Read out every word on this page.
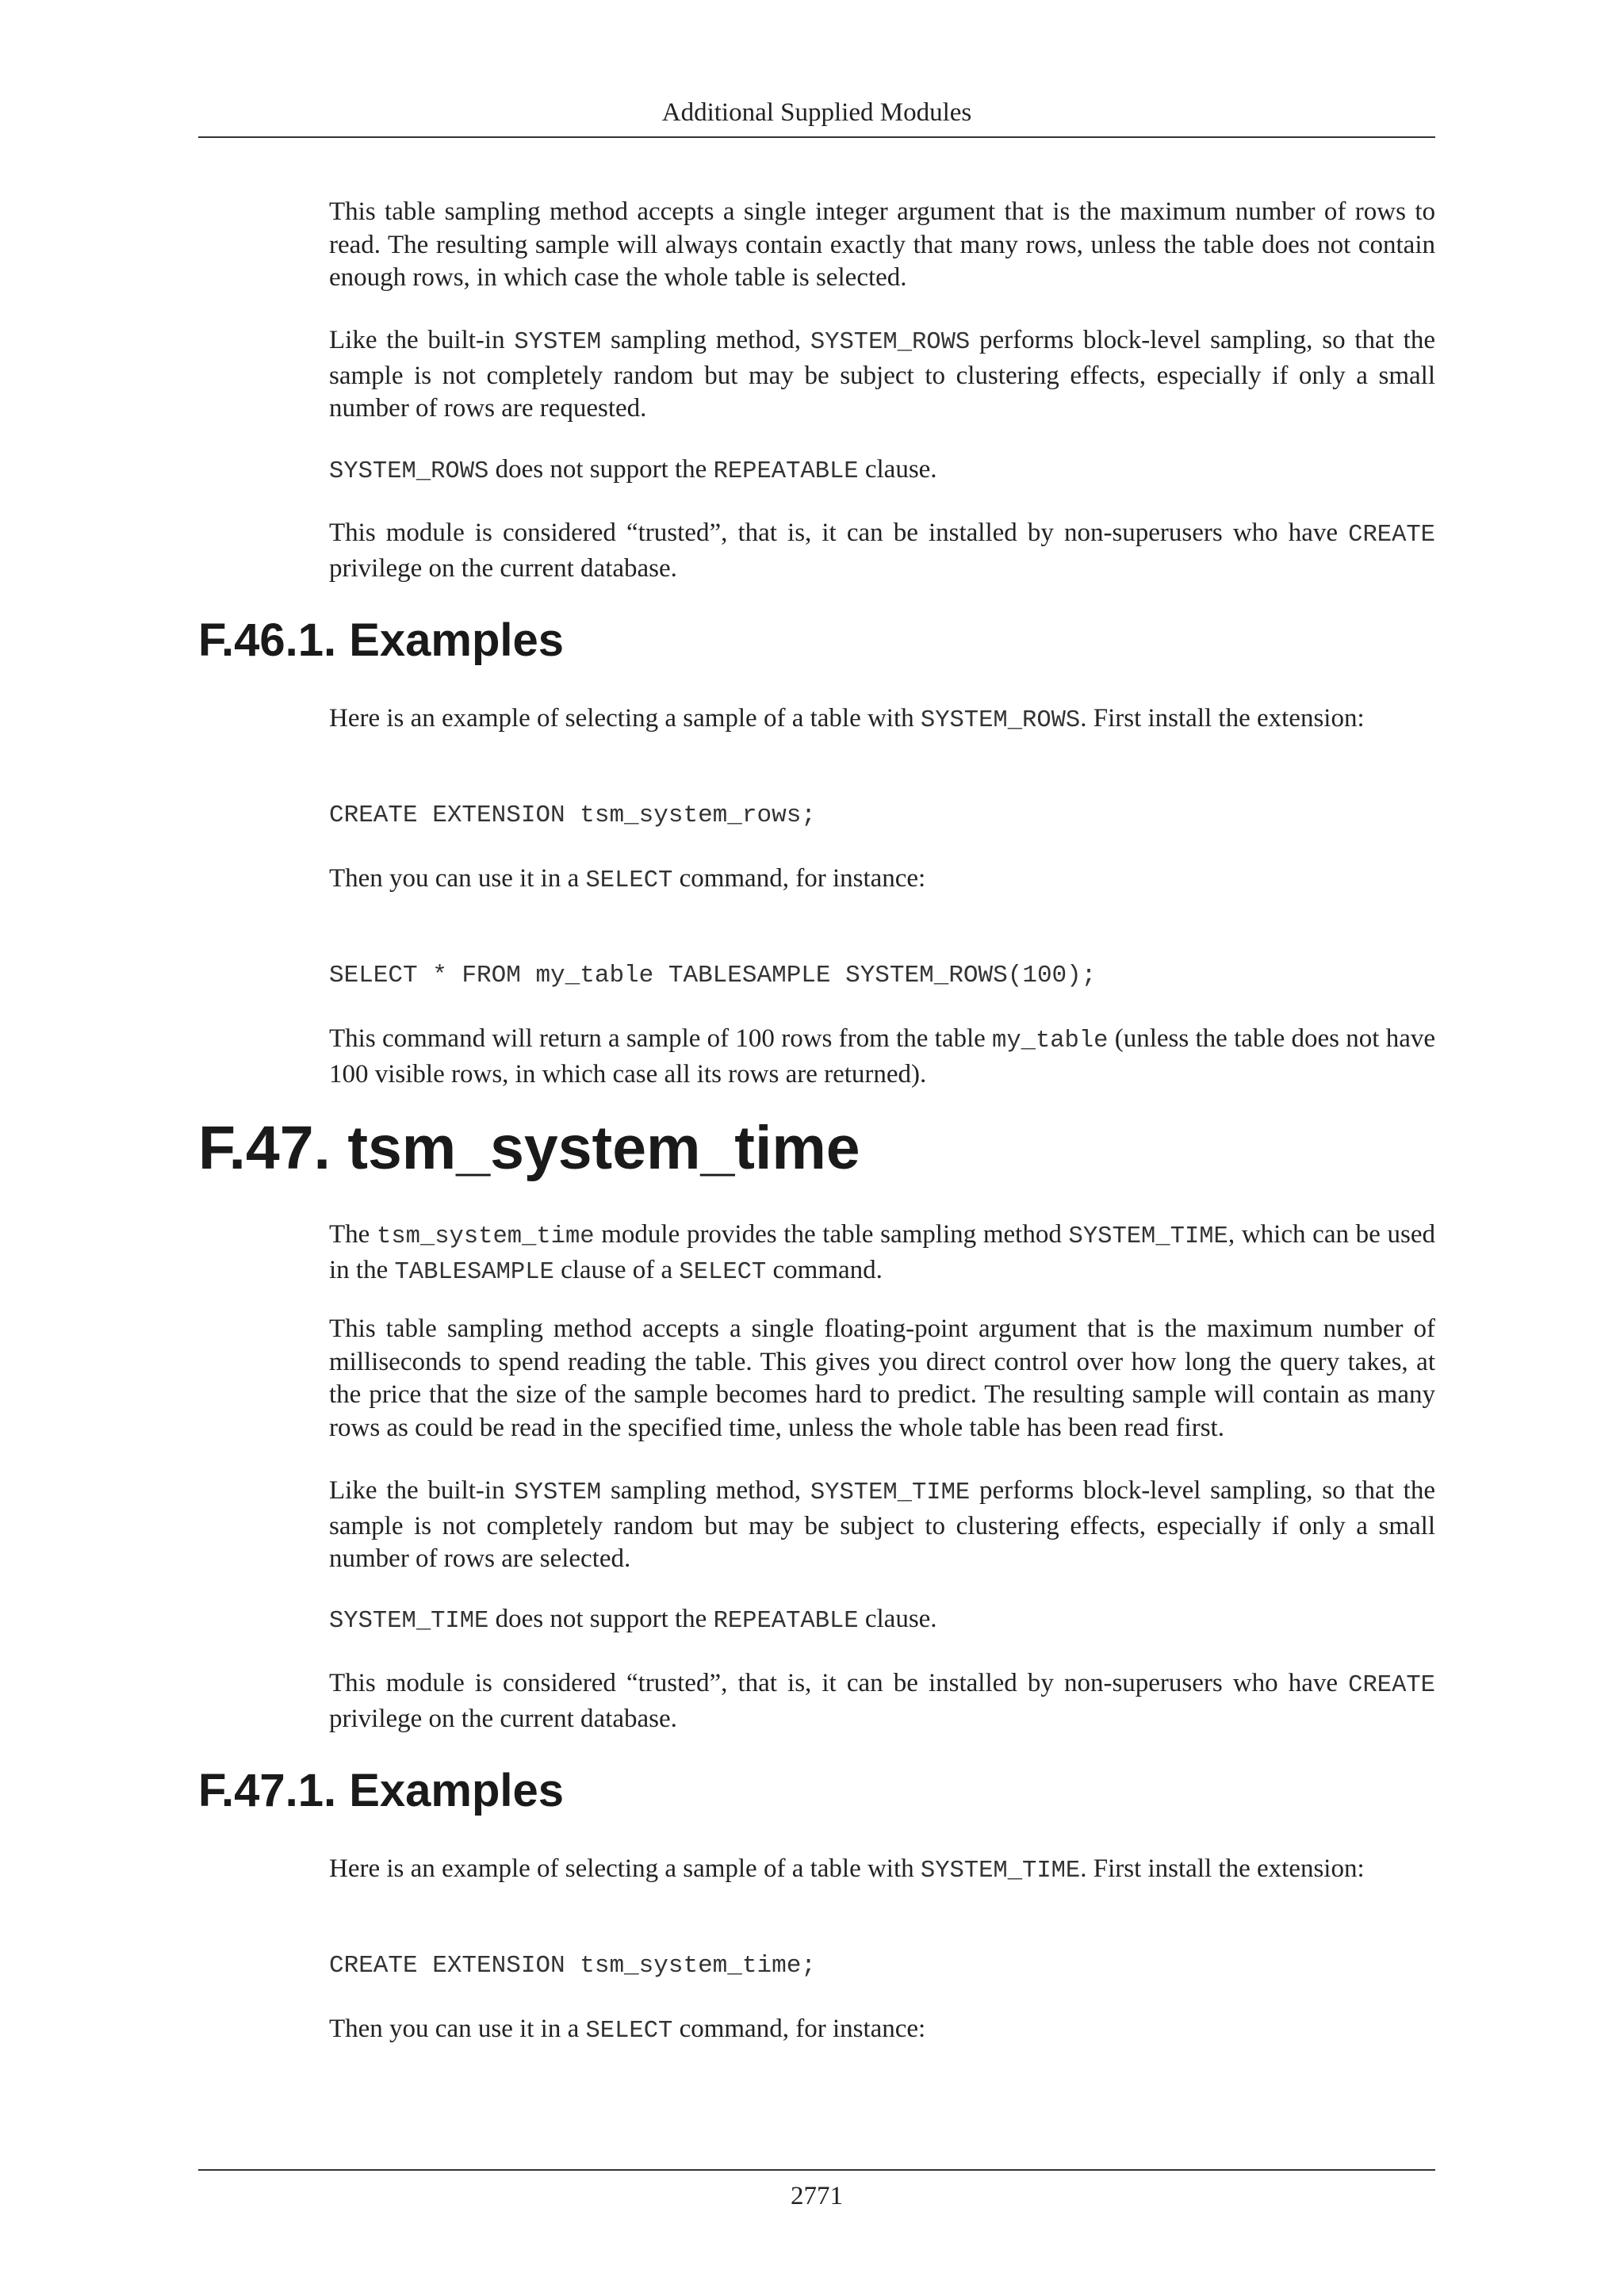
Additional Supplied Modules

This table sampling method accepts a single integer argument that is the maximum number of rows to read. The resulting sample will always contain exactly that many rows, unless the table does not contain enough rows, in which case the whole table is selected.

Like the built-in SYSTEM sampling method, SYSTEM_ROWS performs block-level sampling, so that the sample is not completely random but may be subject to clustering effects, especially if only a small number of rows are requested.

SYSTEM_ROWS does not support the REPEATABLE clause.

This module is considered “trusted”, that is, it can be installed by non-superusers who have CREATE privilege on the current database.

F.46.1. Examples

Here is an example of selecting a sample of a table with SYSTEM_ROWS. First install the extension:

CREATE EXTENSION tsm_system_rows;

Then you can use it in a SELECT command, for instance:

SELECT * FROM my_table TABLESAMPLE SYSTEM_ROWS(100);

This command will return a sample of 100 rows from the table my_table (unless the table does not have 100 visible rows, in which case all its rows are returned).

F.47. tsm_system_time

The tsm_system_time module provides the table sampling method SYSTEM_TIME, which can be used in the TABLESAMPLE clause of a SELECT command.

This table sampling method accepts a single floating-point argument that is the maximum number of milliseconds to spend reading the table. This gives you direct control over how long the query takes, at the price that the size of the sample becomes hard to predict. The resulting sample will contain as many rows as could be read in the specified time, unless the whole table has been read first.

Like the built-in SYSTEM sampling method, SYSTEM_TIME performs block-level sampling, so that the sample is not completely random but may be subject to clustering effects, especially if only a small number of rows are selected.

SYSTEM_TIME does not support the REPEATABLE clause.

This module is considered “trusted”, that is, it can be installed by non-superusers who have CREATE privilege on the current database.

F.47.1. Examples

Here is an example of selecting a sample of a table with SYSTEM_TIME. First install the extension:

CREATE EXTENSION tsm_system_time;

Then you can use it in a SELECT command, for instance:

2771
